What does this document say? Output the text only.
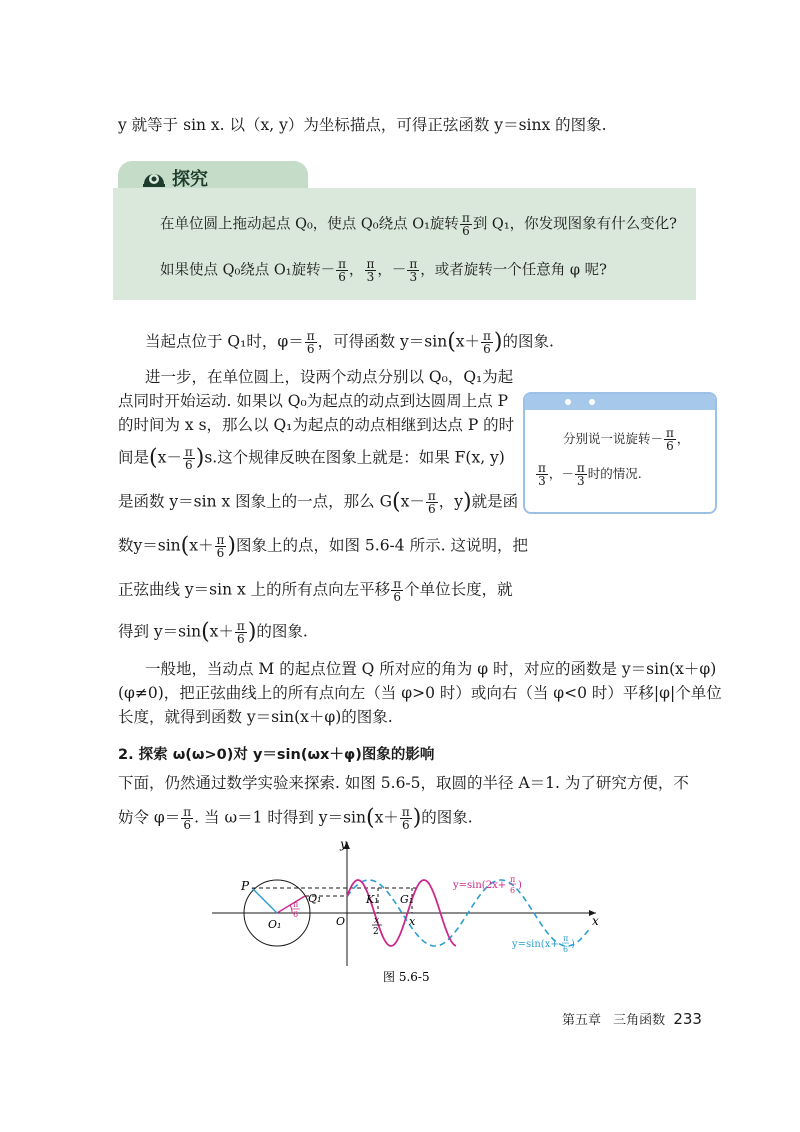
y 就等于 sin x. 以（x, y）为坐标描点，可得正弦函数 y＝sinx 的图象.
探究
在单位圆上拖动起点 Q₀，使点 Q₀绕点 O₁旋转 $\frac{\pi}{6}$ 到 Q₁，你发现图象有什么变化?
如果使点 Q₀绕点 O₁旋转－ $\frac{\pi}{6}$ ， $\frac{\pi}{3}$ ，－ $\frac{\pi}{3}$ ，或者旋转一个任意角 φ 呢?
当起点位于 Q₁时，$\varphi= \frac{\pi}{6}$ ，可得函数 $y=\sin(x+ \frac{\pi}{6}$ )的图象.
进一步，在单位圆上，设两个动点分别以 Q₀，Q₁为起
点同时开始运动. 如果以 Q₀为起点的动点到达圆周上点 P
的时间为 x s，那么以 Q₁为起点的动点相继到达点 P 的时
间是$(x- \frac{\pi}{6} )s$.这个规律反映在图象上就是：如果 F(x, y)
是函数 y＝sin x 图象上的一点，那么 $G(x- \frac{\pi}{6}$ ，y)就是函
数$y=\sin(x+ \frac{\pi}{6}$ )图象上的点，如图 5.6-4 所示. 这说明，把
正弦曲线 y＝sin x 上的所有点向左平移 $\frac{\pi}{6}$ 个单位长度，就
得到 $y=\sin(x+ \frac{\pi}{6}$ )的图象.
分别说一说旋转－ $\frac{\pi}{6}$ ，
$\frac{\pi}{3}$ ，－ $\frac{\pi}{3}$ 时的情况.
一般地，当动点 M 的起点位置 Q 所对应的角为 φ 时，对应的函数是 y＝sin(x＋φ)
(φ≠0)，把正弦曲线上的所有点向左（当 φ>0 时）或向右（当 φ<0 时）平移|φ|个单位
长度，就得到函数 y＝sin(x＋φ)的图象.
2. 探索 ω(ω>0)对 y＝sin(ωx＋φ)图象的影响
下面，仍然通过数学实验来探索. 如图 5.6-5，取圆的半径 A＝1. 为了研究方便，不
妨令 $\varphi= \frac{\pi}{6}$ . 当 ω＝1 时得到 $y=\sin(x+ \frac{\pi}{6}$ )的图象.
y
x
P
Q₁
O₁	O
K₁ G₁
x
x
2
π
6
y=sin(2x+
π
6 )
y=sin(x+
π
6 )
图 5.6-5
第五章 三角函数 233
